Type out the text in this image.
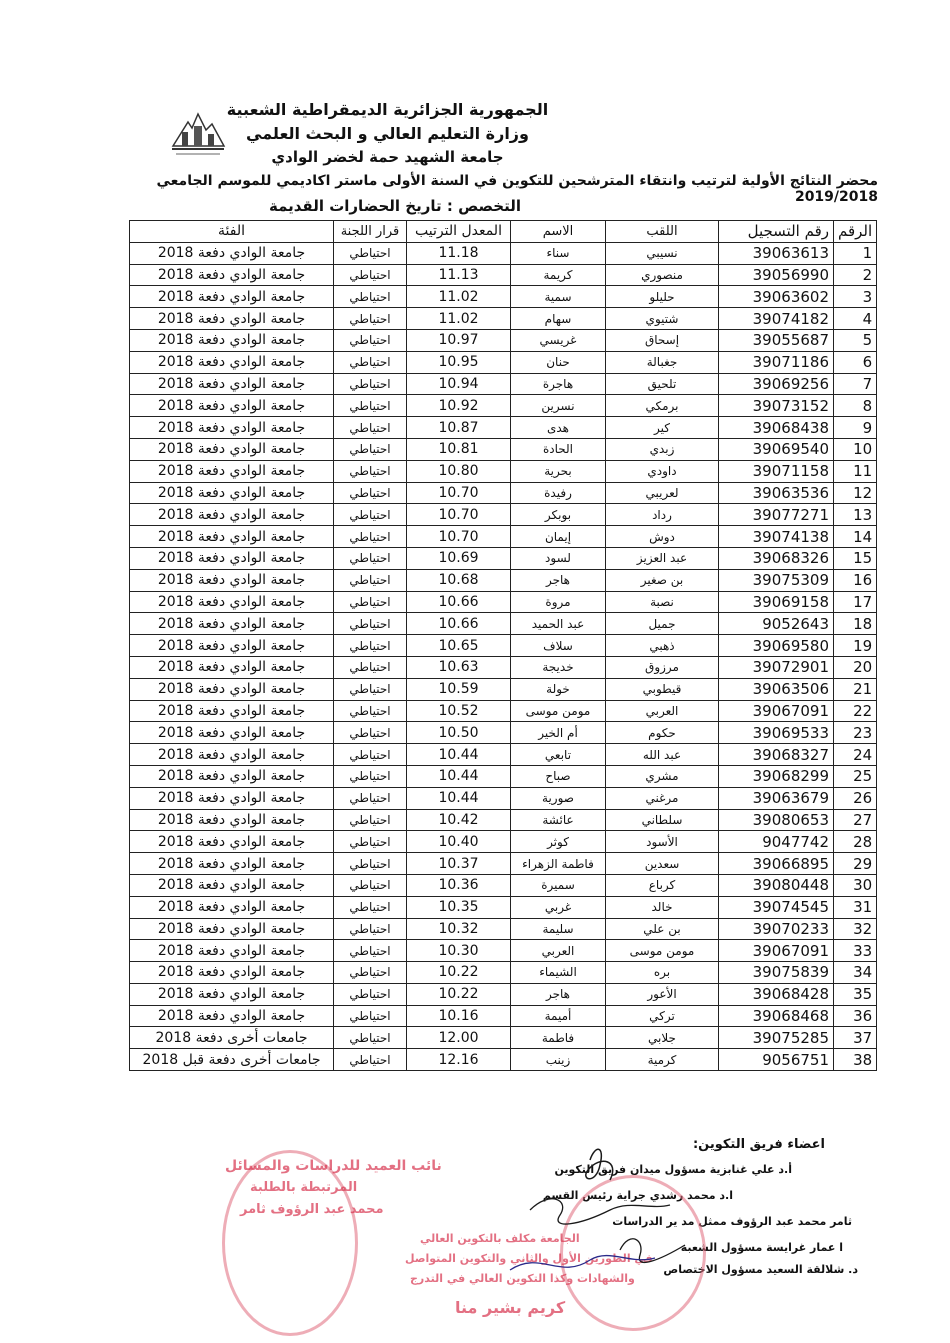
الجمهورية الجزائرية الديمقراطية الشعبية
وزارة التعليم العالي و البحث العلمي
جامعة الشهيد حمة لخضر الوادي
محضر النتائج الأولية لترتيب وانتقاء المترشحين للتكوين في السنة الأولى ماستر اكاديمي للموسم الجامعي 2019/2018
التخصص : تاريخ الحضارات القديمة
الرقم	رقم التسجيل	اللقب	الاسم	المعدل الترتيب	قرار اللجنة	الفئة
1	39063613	نسيبي	سناء	11.18	احتياطي	جامعة الوادي دفعة 2018
2	39056990	منصوري	كريمة	11.13	احتياطي	جامعة الوادي دفعة 2018
3	39063602	حليلو	سمية	11.02	احتياطي	جامعة الوادي دفعة 2018
4	39074182	شتيوي	سهام	11.02	احتياطي	جامعة الوادي دفعة 2018
5	39055687	إسحاق	غريسي	10.97	احتياطي	جامعة الوادي دفعة 2018
6	39071186	جغبالة	حنان	10.95	احتياطي	جامعة الوادي دفعة 2018
7	39069256	تلحيق	هاجرة	10.94	احتياطي	جامعة الوادي دفعة 2018
8	39073152	برمكي	نسرين	10.92	احتياطي	جامعة الوادي دفعة 2018
9	39068438	كير	هدى	10.87	احتياطي	جامعة الوادي دفعة 2018
10	39069540	زبدي	الحادة	10.81	احتياطي	جامعة الوادي دفعة 2018
11	39071158	داودي	بحرية	10.80	احتياطي	جامعة الوادي دفعة 2018
12	39063536	لعريبي	رفيدة	10.70	احتياطي	جامعة الوادي دفعة 2018
13	39077271	رداد	بوبكر	10.70	احتياطي	جامعة الوادي دفعة 2018
14	39074138	دوش	إيمان	10.70	احتياطي	جامعة الوادي دفعة 2018
15	39068326	عبد العزيز	لسود	10.69	احتياطي	جامعة الوادي دفعة 2018
16	39075309	بن صغير	هاجر	10.68	احتياطي	جامعة الوادي دفعة 2018
17	39069158	نصبة	مروة	10.66	احتياطي	جامعة الوادي دفعة 2018
18	9052643	جميل	عبد الحميد	10.66	احتياطي	جامعة الوادي دفعة 2018
19	39069580	ذهبي	سلاف	10.65	احتياطي	جامعة الوادي دفعة 2018
20	39072901	مرزوق	خديجة	10.63	احتياطي	جامعة الوادي دفعة 2018
21	39063506	قيطوبي	خولة	10.59	احتياطي	جامعة الوادي دفعة 2018
22	39067091	العربي	مومن موسى	10.52	احتياطي	جامعة الوادي دفعة 2018
23	39069533	حكوم	أم الخير	10.50	احتياطي	جامعة الوادي دفعة 2018
24	39068327	عبد الله	تابعي	10.44	احتياطي	جامعة الوادي دفعة 2018
25	39068299	مشري	صباح	10.44	احتياطي	جامعة الوادي دفعة 2018
26	39063679	مرغني	صورية	10.44	احتياطي	جامعة الوادي دفعة 2018
27	39080653	سلطاني	عائشة	10.42	احتياطي	جامعة الوادي دفعة 2018
28	9047742	الأسود	كوثر	10.40	احتياطي	جامعة الوادي دفعة 2018
29	39066895	سعدين	فاطمة الزهراء	10.37	احتياطي	جامعة الوادي دفعة 2018
30	39080448	كرباع	سميرة	10.36	احتياطي	جامعة الوادي دفعة 2018
31	39074545	خالد	غربي	10.35	احتياطي	جامعة الوادي دفعة 2018
32	39070233	بن علي	سليمة	10.32	احتياطي	جامعة الوادي دفعة 2018
33	39067091	مومن موسى	العربي	10.30	احتياطي	جامعة الوادي دفعة 2018
34	39075839	بره	الشيماء	10.22	احتياطي	جامعة الوادي دفعة 2018
35	39068428	الأعور	هاجر	10.22	احتياطي	جامعة الوادي دفعة 2018
36	39068468	تركي	أميمة	10.16	احتياطي	جامعة الوادي دفعة 2018
37	39075285	جلابي	فاطمة	12.00	احتياطي	جامعات أخرى دفعة 2018
38	9056751	كرمية	زينب	12.16	احتياطي	جامعات أخرى دفعة قبل 2018
اعضاء فريق التكوين:
أ.د علي غنابزية مسؤول ميدان فريق التكوين
ا.د محمد رشدي جراية رئيس القسم
ثامر محمد عبد الرؤوف ممثل مد ير الدراسات
ا عمار غرايسة مسؤول الشعبة
د. شلالقة السعيد مسؤول الاختصاص
نائب العميد للدراسات والمسائل
المرتبطة بالطلبة
محمد عبد الرؤوف ثامر
الجامعة مكلف بالتكوين العالي
في الطورين الأول والثاني والتكوين المتواصل
والشهادات وكذا التكوين العالي في التدرج
كريم بشير منا
